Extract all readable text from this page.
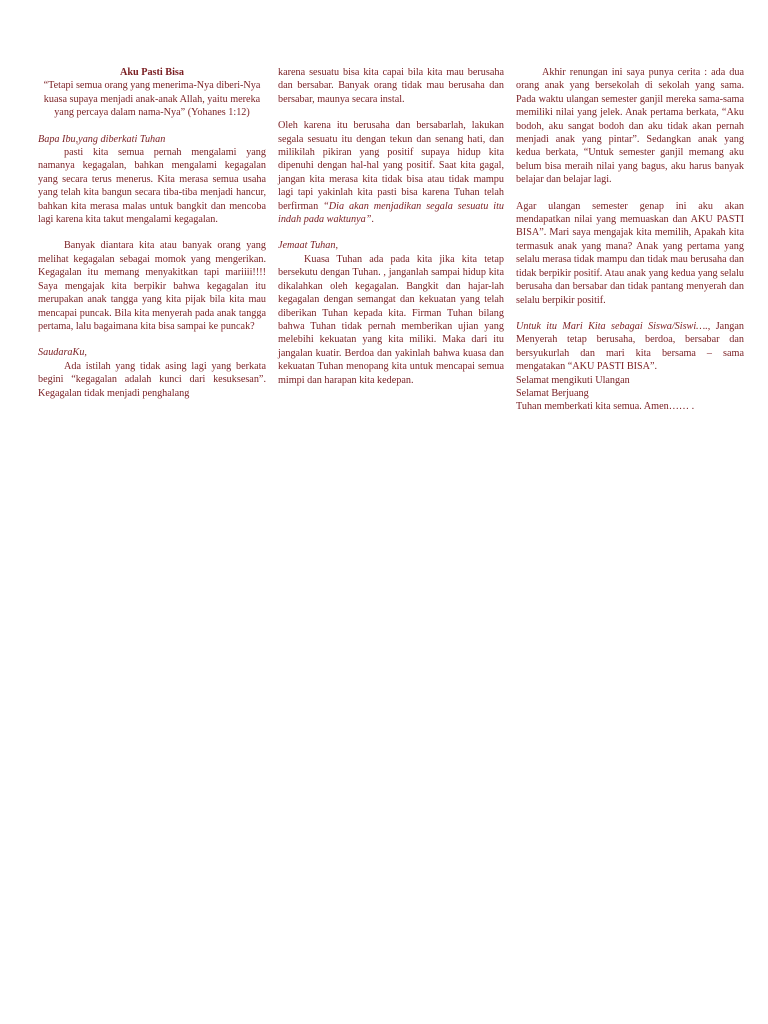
Aku Pasti Bisa

“Tetapi semua orang yang menerima-Nya diberi-Nya kuasa supaya menjadi anak-anak Allah, yaitu mereka yang percaya dalam nama-Nya” (Yohanes 1:12)

Bapa Ibu,yang diberkati Tuhan

pasti kita semua pernah mengalami yang namanya kegagalan, bahkan mengalami kegagalan yang secara terus menerus. Kita merasa semua usaha yang telah kita bangun secara tiba-tiba menjadi hancur, bahkan kita merasa malas untuk bangkit dan mencoba lagi karena kita takut mengalami kegagalan.

Banyak diantara kita atau banyak orang yang melihat kegagalan sebagai momok yang mengerikan. Kegagalan itu memang menyakitkan tapi mariiii!!!! Saya mengajak kita berpikir bahwa kegagalan itu merupakan anak tangga yang kita pijak bila kita mau mencapai puncak. Bila kita menyerah pada anak tangga pertama, lalu bagaimana kita bisa sampai ke puncak?

SaudaraKu,

Ada istilah yang tidak asing lagi yang berkata begini “kegagalan adalah kunci dari kesuksesan”. Kegagalan tidak menjadi penghalang

karena sesuatu bisa kita capai bila kita mau berusaha dan bersabar. Banyak orang tidak mau berusaha dan bersabar, maunya secara instal.

Oleh karena itu berusaha dan bersabarlah, lakukan segala sesuatu itu dengan tekun dan senang hati, dan milikilah pikiran yang positif supaya hidup kita dipenuhi dengan hal-hal yang positif. Saat kita gagal, jangan kita merasa kita tidak bisa atau tidak mampu lagi tapi yakinlah kita pasti bisa karena Tuhan telah berfirman “Dia akan menjadikan segala sesuatu itu indah pada waktunya”.

Jemaat Tuhan,

Kuasa Tuhan ada pada kita jika kita tetap bersekutu dengan Tuhan. , janganlah sampai hidup kita dikalahkan oleh kegagalan. Bangkit dan hajar-lah kegagalan dengan semangat dan kekuatan yang telah diberikan Tuhan kepada kita. Firman Tuhan bilang bahwa Tuhan tidak pernah memberikan ujian yang melebihi kekuatan yang kita miliki. Maka dari itu jangalan kuatir. Berdoa dan yakinlah bahwa kuasa dan kekuatan Tuhan menopang kita untuk mencapai semua mimpi dan harapan kita kedepan.

Akhir renungan ini saya punya cerita : ada dua orang anak yang bersekolah di sekolah yang sama. Pada waktu ulangan semester ganjil mereka sama-sama memiliki nilai yang jelek. Anak pertama berkata, “Aku bodoh, aku sangat bodoh dan aku tidak akan pernah menjadi anak yang pintar”. Sedangkan anak yang kedua berkata, “Untuk semester ganjil memang aku belum bisa meraih nilai yang bagus, aku harus banyak belajar dan belajar lagi.

Agar ulangan semester genap ini aku akan mendapatkan nilai yang memuaskan dan AKU PASTI BISA”. Mari saya mengajak kita memilih, Apakah kita termasuk anak yang mana? Anak yang pertama yang selalu merasa tidak mampu dan tidak mau berusaha dan tidak berpikir positif. Atau anak yang kedua yang selalu berusaha dan bersabar dan tidak pantang menyerah dan selalu berpikir positif.

Untuk itu Mari Kita sebagai Siswa/Siswi…., Jangan Menyerah tetap berusaha, berdoa, bersabar dan bersyukurlah dan mari kita bersama – sama mengatakan “AKU PASTI BISA”.

Selamat mengikuti Ulangan

Selamat Berjuang

Tuhan memberkati kita semua. Amen…… .
